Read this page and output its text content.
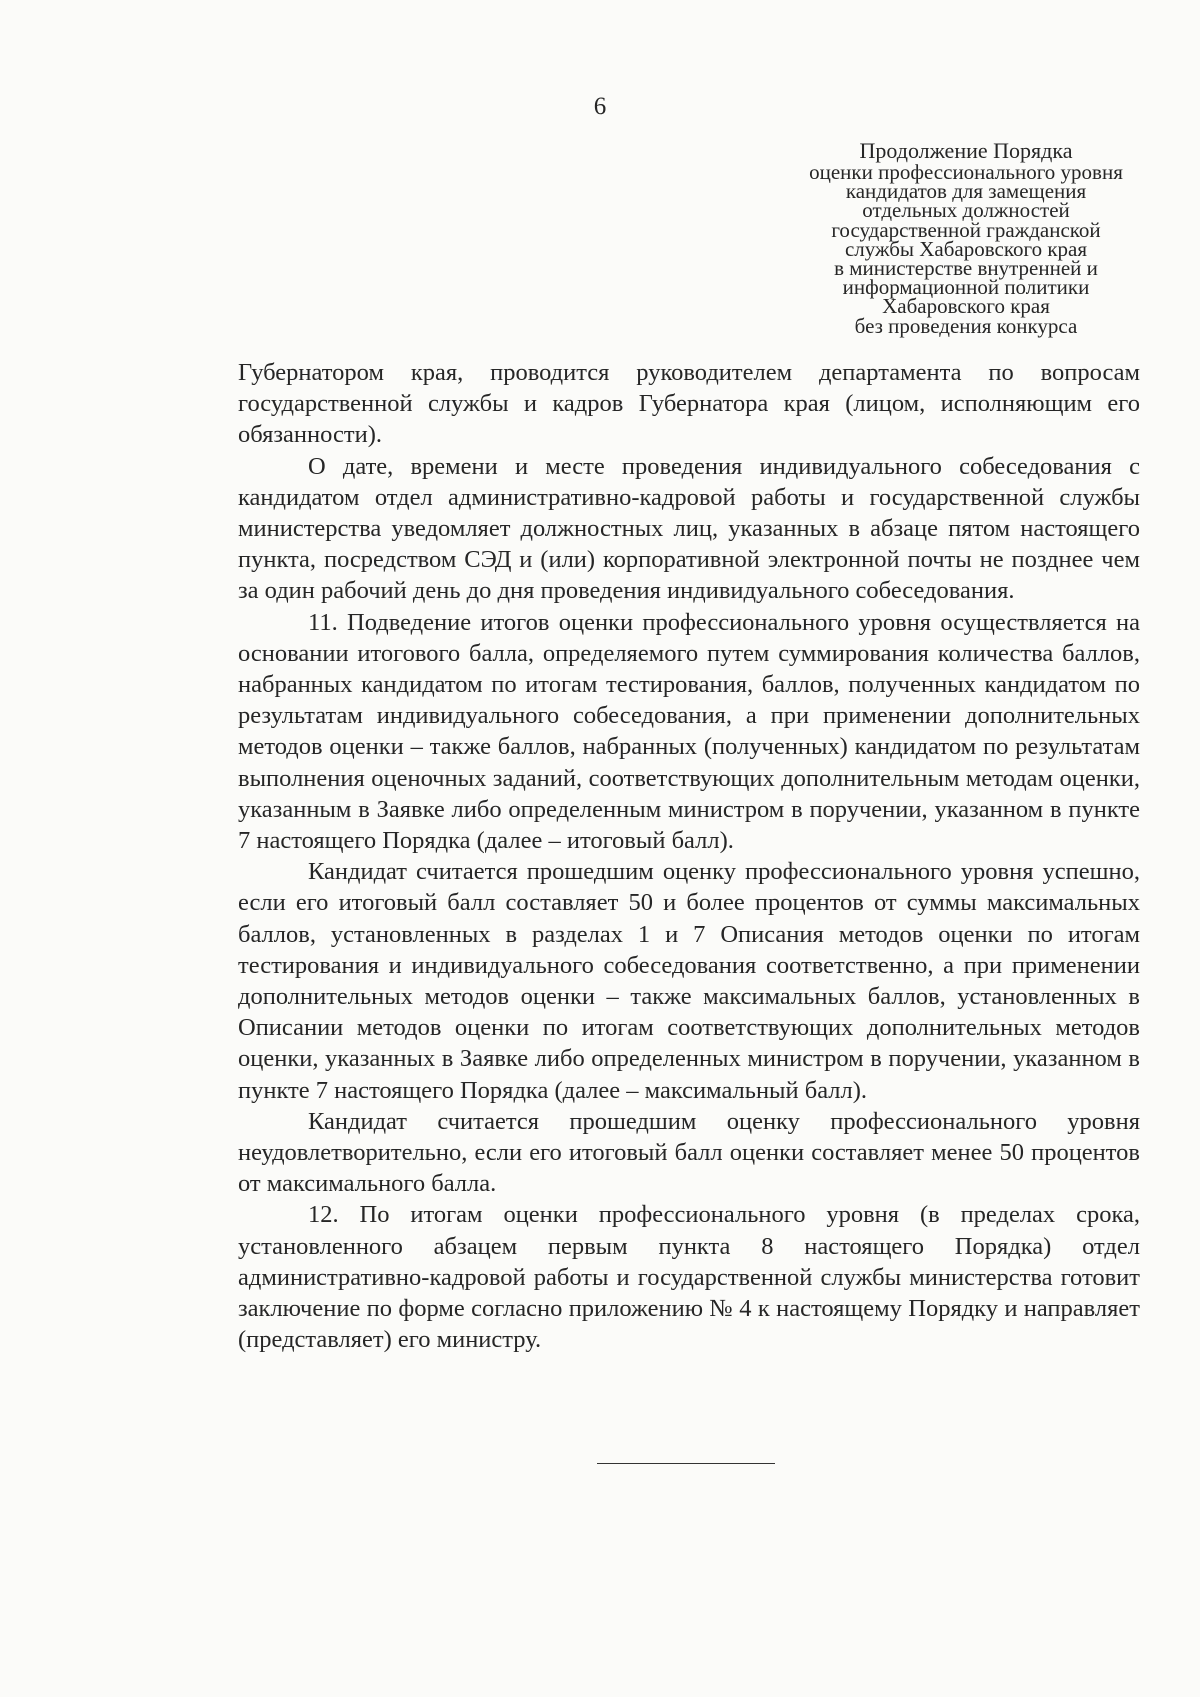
6
Продолжение Порядка
оценки профессионального уровня
кандидатов для замещения
отдельных должностей
государственной гражданской
службы Хабаровского края
в министерстве внутренней и
информационной политики
Хабаровского края
без проведения конкурса

Губернатором края, проводится руководителем департамента по вопросам государственной службы и кадров Губернатора края (лицом, исполняющим его обязанности).

О дате, времени и месте проведения индивидуального собеседования с кандидатом отдел административно-кадровой работы и государственной службы министерства уведомляет должностных лиц, указанных в абзаце пятом настоящего пункта, посредством СЭД и (или) корпоративной электронной почты не позднее чем за один рабочий день до дня проведения индивидуального собеседования.

11. Подведение итогов оценки профессионального уровня осуществляется на основании итогового балла, определяемого путем суммирования количества баллов, набранных кандидатом по итогам тестирования, баллов, полученных кандидатом по результатам индивидуального собеседования, а при применении дополнительных методов оценки – также баллов, набранных (полученных) кандидатом по результатам выполнения оценочных заданий, соответствующих дополнительным методам оценки, указанным в Заявке либо определенным министром в поручении, указанном в пункте 7 настоящего Порядка (далее – итоговый балл).

Кандидат считается прошедшим оценку профессионального уровня успешно, если его итоговый балл составляет 50 и более процентов от суммы максимальных баллов, установленных в разделах 1 и 7 Описания методов оценки по итогам тестирования и индивидуального собеседования соответственно, а при применении дополнительных методов оценки – также максимальных баллов, установленных в Описании методов оценки по итогам соответствующих дополнительных методов оценки, указанных в Заявке либо определенных министром в поручении, указанном в пункте 7 настоящего Порядка (далее – максимальный балл).

Кандидат считается прошедшим оценку профессионального уровня неудовлетворительно, если его итоговый балл оценки составляет менее 50 процентов от максимального балла.

12. По итогам оценки профессионального уровня (в пределах срока, установленного абзацем первым пункта 8 настоящего Порядка) отдел административно-кадровой работы и государственной службы министерства готовит заключение по форме согласно приложению № 4 к настоящему Порядку и направляет (представляет) его министру.
